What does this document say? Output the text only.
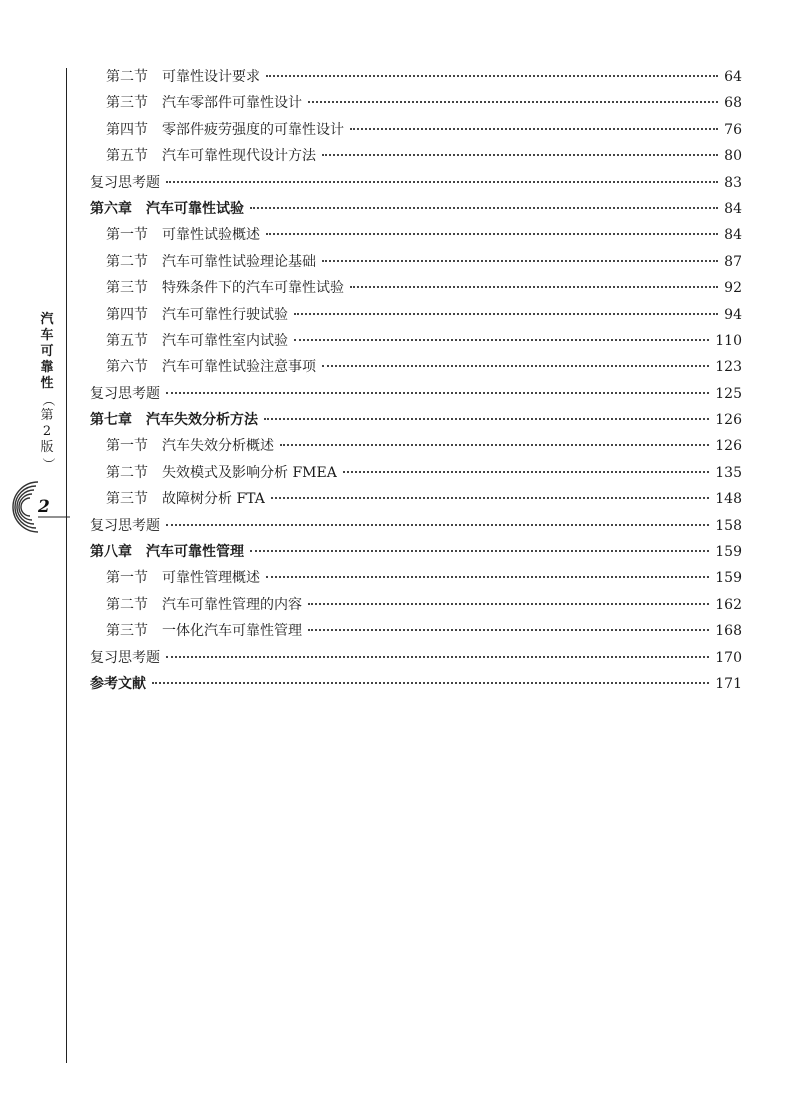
汽
车
可
靠
性
（
第
2
版
）
2
第二节	可靠性设计要求	64
第三节	汽车零部件可靠性设计	68
第四节	零部件疲劳强度的可靠性设计	76
第五节	汽车可靠性现代设计方法	80
复习思考题	83
第六章	汽车可靠性试验	84
第一节	可靠性试验概述	84
第二节	汽车可靠性试验理论基础	87
第三节	特殊条件下的汽车可靠性试验	92
第四节	汽车可靠性行驶试验	94
第五节	汽车可靠性室内试验	110
第六节	汽车可靠性试验注意事项	123
复习思考题	125
第七章	汽车失效分析方法	126
第一节	汽车失效分析概述	126
第二节	失效模式及影响分析 FMEA	135
第三节	故障树分析 FTA	148
复习思考题	158
第八章	汽车可靠性管理	159
第一节	可靠性管理概述	159
第二节	汽车可靠性管理的内容	162
第三节	一体化汽车可靠性管理	168
复习思考题	170
参考文献	171
